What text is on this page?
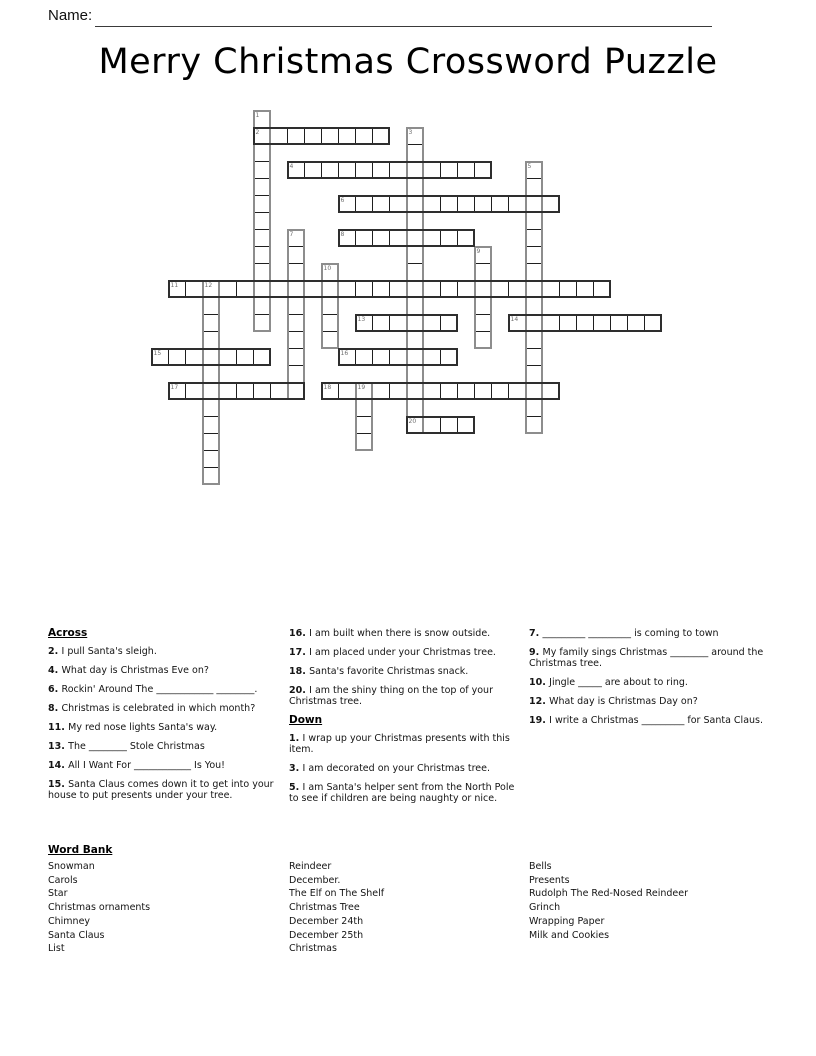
Name:
Merry Christmas Crossword Puzzle
1
2	3
4	5
6
7	8
9
10
11	12
13	14
15	16
17	18	19
20
Across

2. I pull Santa's sleigh.
4. What day is Christmas Eve on?
6. Rockin' Around The ____________ ________.
8. Christmas is celebrated in which month?
11. My red nose lights Santa's way.
13. The ________ Stole Christmas
14. All I Want For ____________ Is You!
15. Santa Claus comes down it to get into your house to put presents under your tree.
16. I am built when there is snow outside.
17. I am placed under your Christmas tree.
18. Santa's favorite Christmas snack.
20. I am the shiny thing on the top of your Christmas tree.
Down

1. I wrap up your Christmas presents with this item.
3. I am decorated on your Christmas tree.
5. I am Santa's helper sent from the North Pole to see if children are being naughty or nice.
7. _________ _________ is coming to town
9. My family sings Christmas ________ around the Christmas tree.
10. Jingle _____ are about to ring.
12. What day is Christmas Day on?
19. I write a Christmas _________ for Santa Claus.
Word Bank
Snowman
Carols
Star
Christmas ornaments
Chimney
Santa Claus
List
Reindeer
December.
The Elf on The Shelf
Christmas Tree
December 24th
December 25th
Christmas
Bells
Presents
Rudolph The Red-Nosed Reindeer
Grinch
Wrapping Paper
Milk and Cookies
